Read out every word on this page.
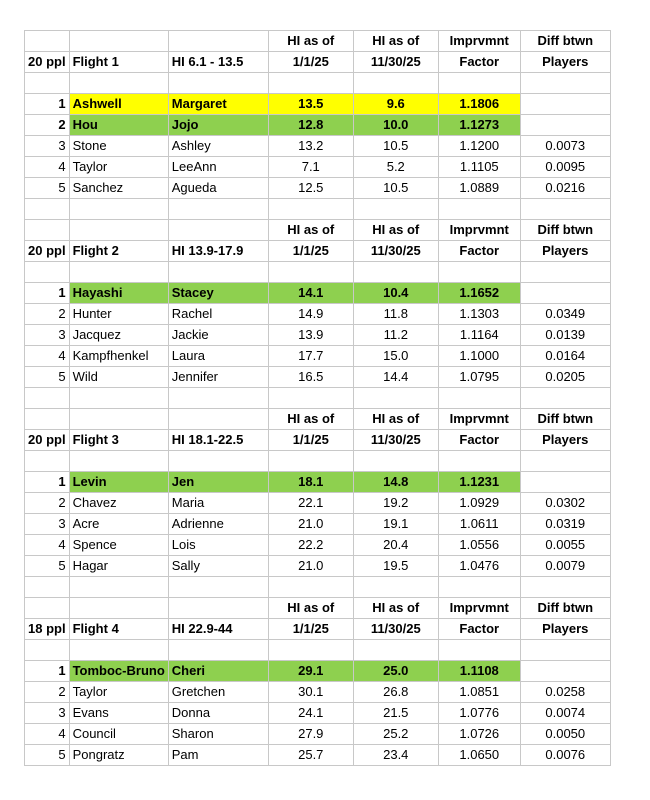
			HI as of	HI as of	Imprvmnt	Diff btwn
20 ppl	Flight 1	HI 6.1 - 13.5	1/1/25	11/30/25	Factor	Players

1	Ashwell	Margaret	13.5	9.6	1.1806	
2	Hou	Jojo	12.8	10.0	1.1273	
3	Stone	Ashley	13.2	10.5	1.1200	0.0073
4	Taylor	LeeAnn	7.1	5.2	1.1105	0.0095
5	Sanchez	Agueda	12.5	10.5	1.0889	0.0216

			HI as of	HI as of	Imprvmnt	Diff btwn
20 ppl	Flight 2	HI 13.9-17.9	1/1/25	11/30/25	Factor	Players

1	Hayashi	Stacey	14.1	10.4	1.1652	
2	Hunter	Rachel	14.9	11.8	1.1303	0.0349
3	Jacquez	Jackie	13.9	11.2	1.1164	0.0139
4	Kampfhenkel	Laura	17.7	15.0	1.1000	0.0164
5	Wild	Jennifer	16.5	14.4	1.0795	0.0205

			HI as of	HI as of	Imprvmnt	Diff btwn
20 ppl	Flight 3	HI 18.1-22.5	1/1/25	11/30/25	Factor	Players

1	Levin	Jen	18.1	14.8	1.1231	
2	Chavez	Maria	22.1	19.2	1.0929	0.0302
3	Acre	Adrienne	21.0	19.1	1.0611	0.0319
4	Spence	Lois	22.2	20.4	1.0556	0.0055
5	Hagar	Sally	21.0	19.5	1.0476	0.0079

			HI as of	HI as of	Imprvmnt	Diff btwn
18 ppl	Flight 4	HI 22.9-44	1/1/25	11/30/25	Factor	Players

1	Tomboc-Bruno	Cheri	29.1	25.0	1.1108	
2	Taylor	Gretchen	30.1	26.8	1.0851	0.0258
3	Evans	Donna	24.1	21.5	1.0776	0.0074
4	Council	Sharon	27.9	25.2	1.0726	0.0050
5	Pongratz	Pam	25.7	23.4	1.0650	0.0076
